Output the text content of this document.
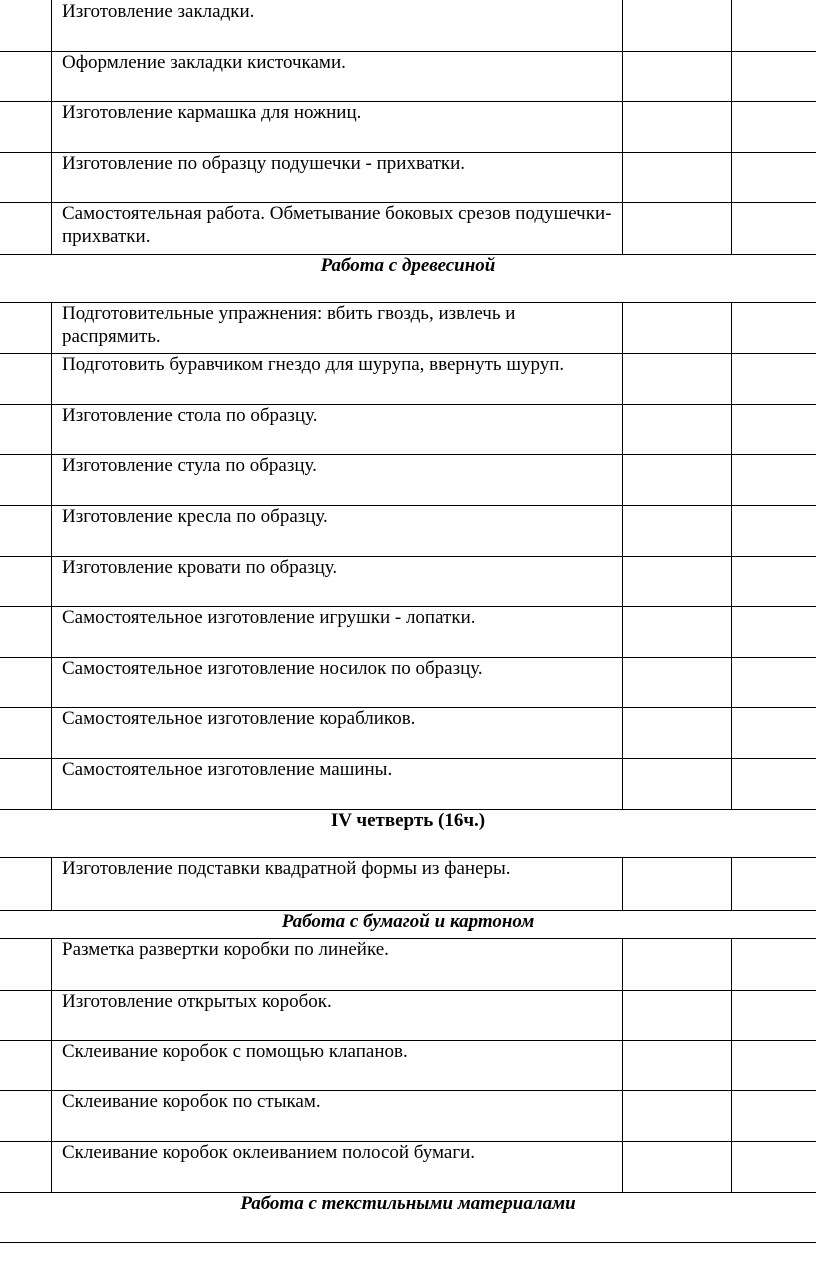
Изготовление закладки.
Оформление закладки кисточками.
Изготовление кармашка для ножниц.
Изготовление по образцу подушечки - прихватки.
Самостоятельная работа. Обметывание боковых срезов подушечки-прихватки.
Работа с древесиной
Подготовительные упражнения: вбить гвоздь, извлечь и распрямить.
Подготовить буравчиком гнездо для шурупа, ввернуть шуруп.
Изготовление стола по образцу.
Изготовление стула по образцу.
Изготовление кресла по образцу.
Изготовление кровати по образцу.
Самостоятельное изготовление игрушки - лопатки.
Самостоятельное изготовление носилок по образцу.
Самостоятельное изготовление корабликов.
Самостоятельное изготовление машины.
IV четверть (16ч.)
Изготовление подставки квадратной формы из фанеры.
Работа с бумагой и картоном
Разметка развертки коробки по линейке.
Изготовление открытых коробок.
Склеивание коробок с помощью клапанов.
Склеивание коробок по стыкам.
Склеивание коробок оклеиванием полосой бумаги.
Работа с текстильными материалами
